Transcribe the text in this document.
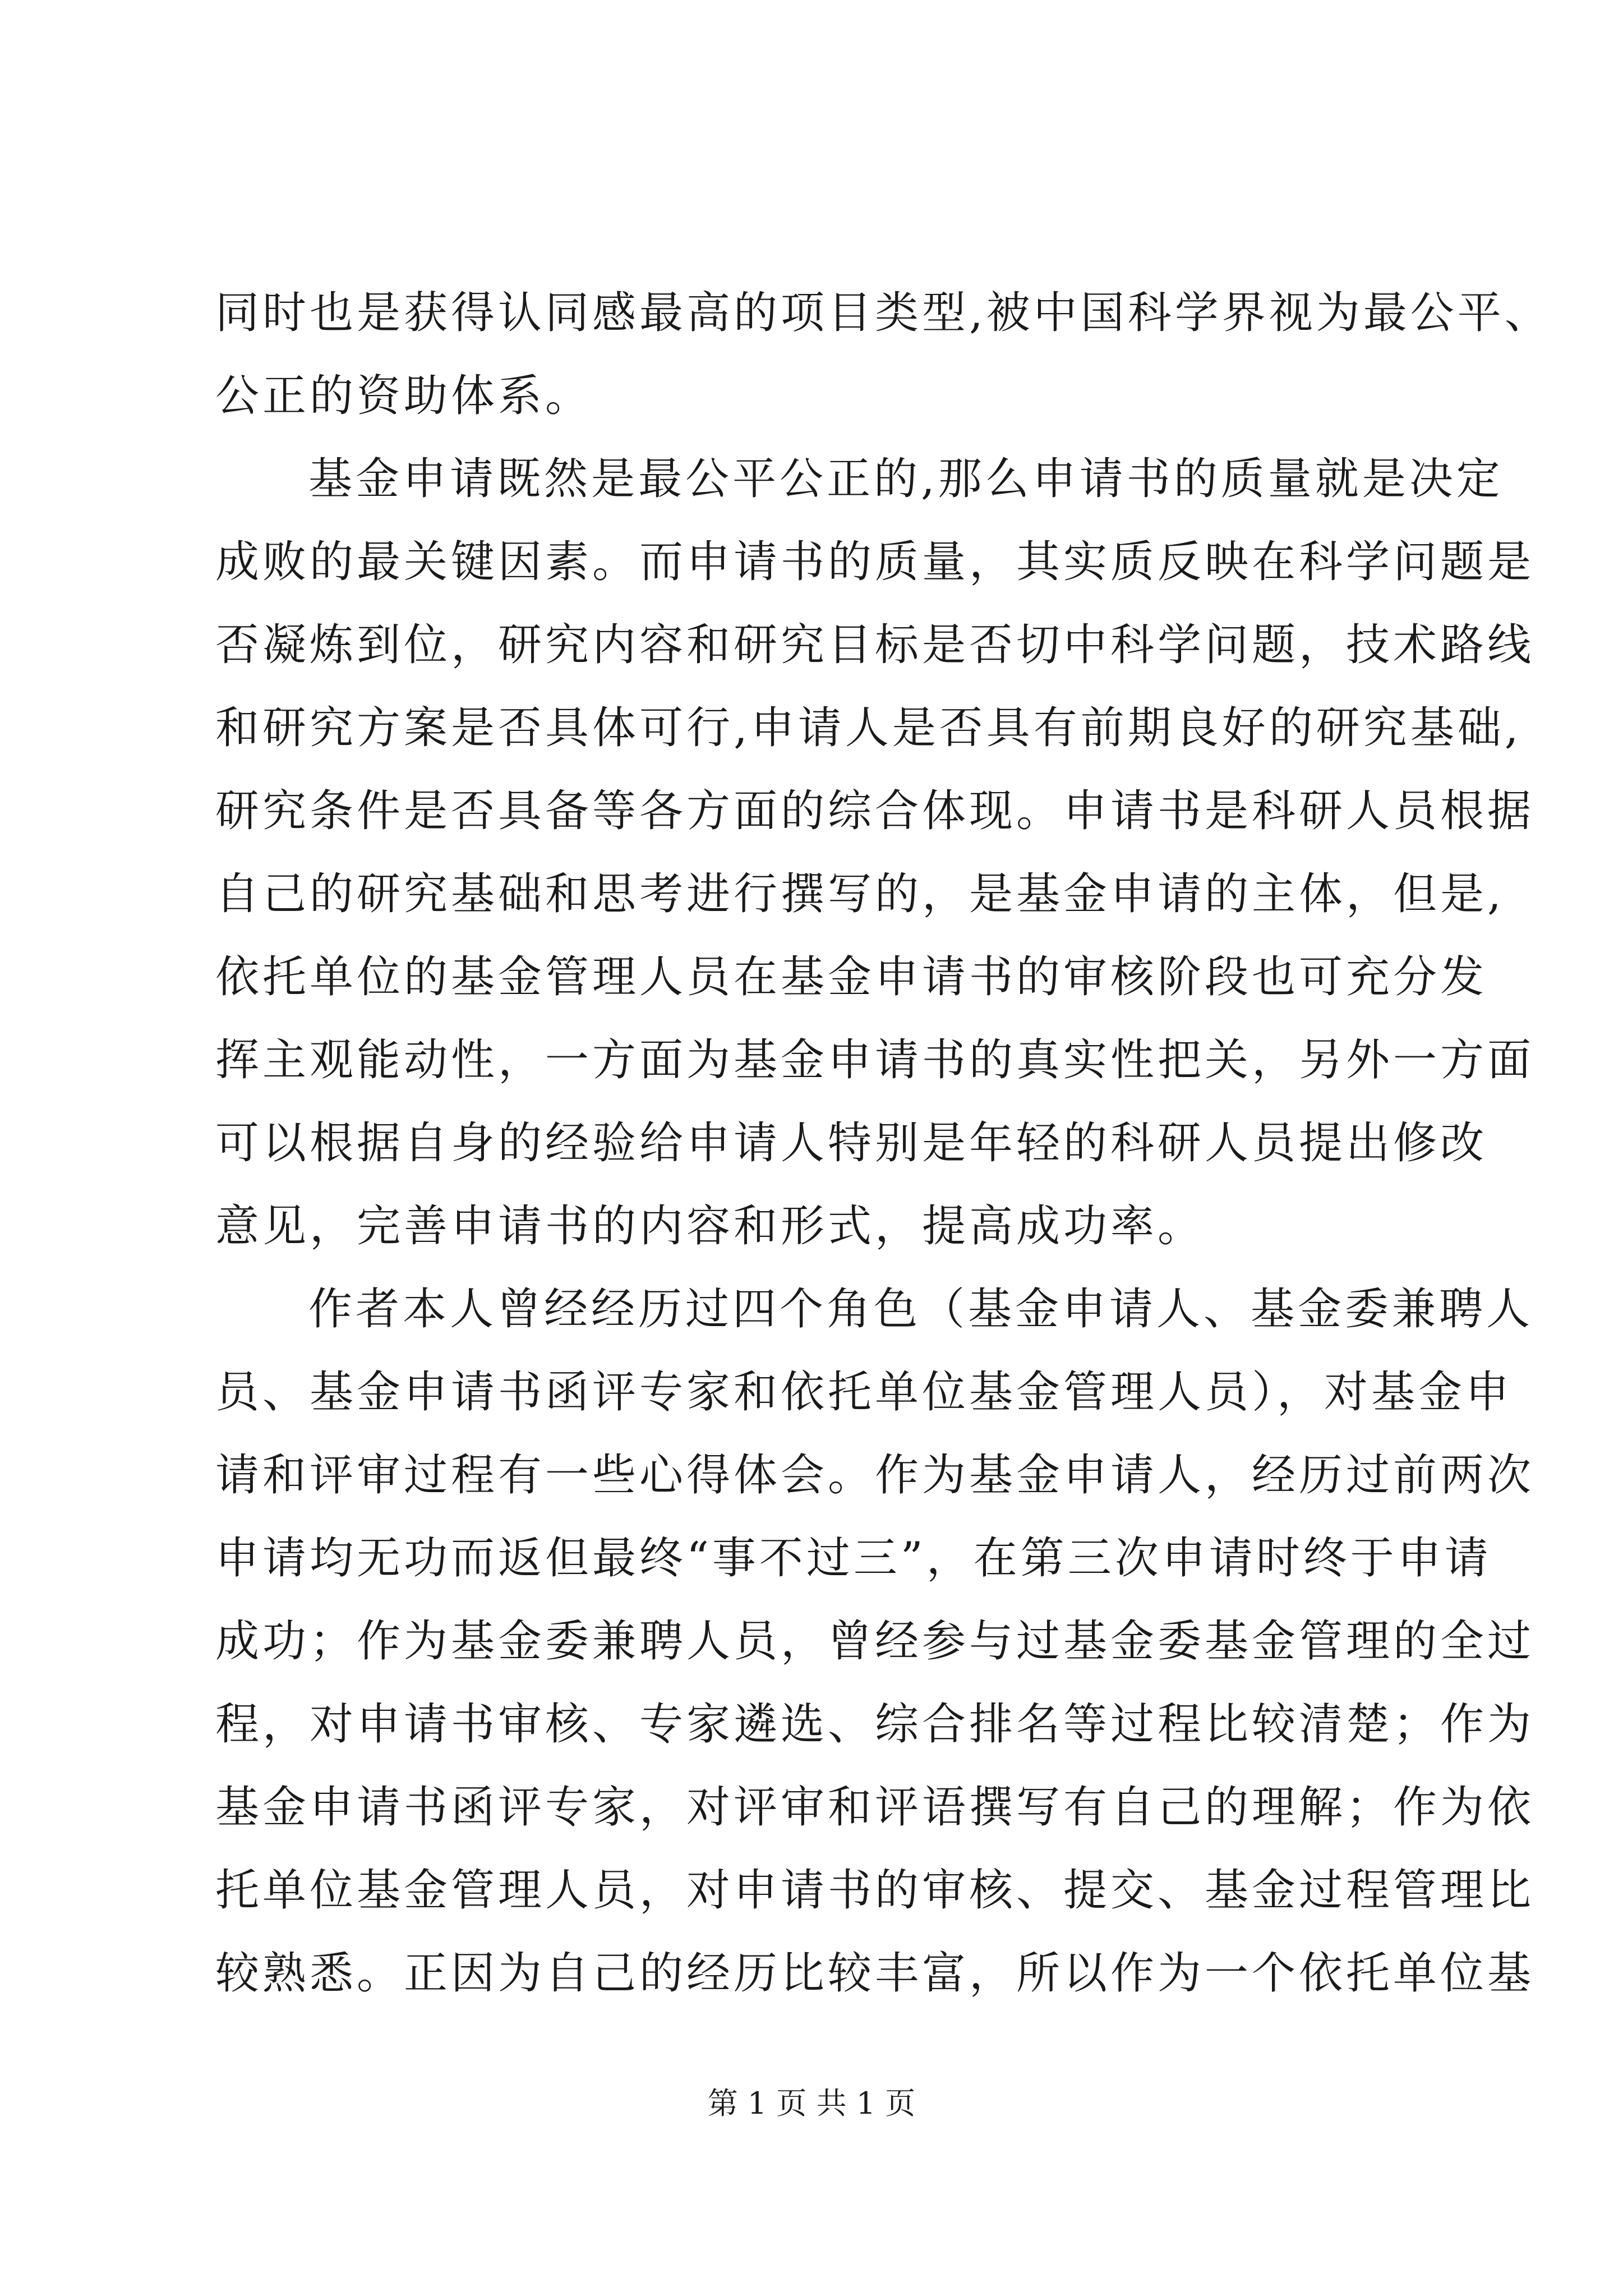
同时也是获得认同感最高的项目类型,被中国科学界视为最公平、
公正的资助体系。
基金申请既然是最公平公正的,那么申请书的质量就是决定
成败的最关键因素。而申请书的质量，其实质反映在科学问题是
否凝炼到位，研究内容和研究目标是否切中科学问题，技术路线
和研究方案是否具体可行,申请人是否具有前期良好的研究基础,
研究条件是否具备等各方面的综合体现。申请书是科研人员根据
自己的研究基础和思考进行撰写的，是基金申请的主体，但是,
依托单位的基金管理人员在基金申请书的审核阶段也可充分发
挥主观能动性，一方面为基金申请书的真实性把关，另外一方面
可以根据自身的经验给申请人特别是年轻的科研人员提出修改
意见，完善申请书的内容和形式，提高成功率。
作者本人曾经经历过四个角色（基金申请人、基金委兼聘人
员、基金申请书函评专家和依托单位基金管理人员），对基金申
请和评审过程有一些心得体会。作为基金申请人，经历过前两次
申请均无功而返但最终“事不过三”，在第三次申请时终于申请
成功；作为基金委兼聘人员，曾经参与过基金委基金管理的全过
程，对申请书审核、专家遴选、综合排名等过程比较清楚；作为
基金申请书函评专家，对评审和评语撰写有自己的理解；作为依
托单位基金管理人员，对申请书的审核、提交、基金过程管理比
较熟悉。正因为自己的经历比较丰富，所以作为一个依托单位基
第 1 页 共 1 页
